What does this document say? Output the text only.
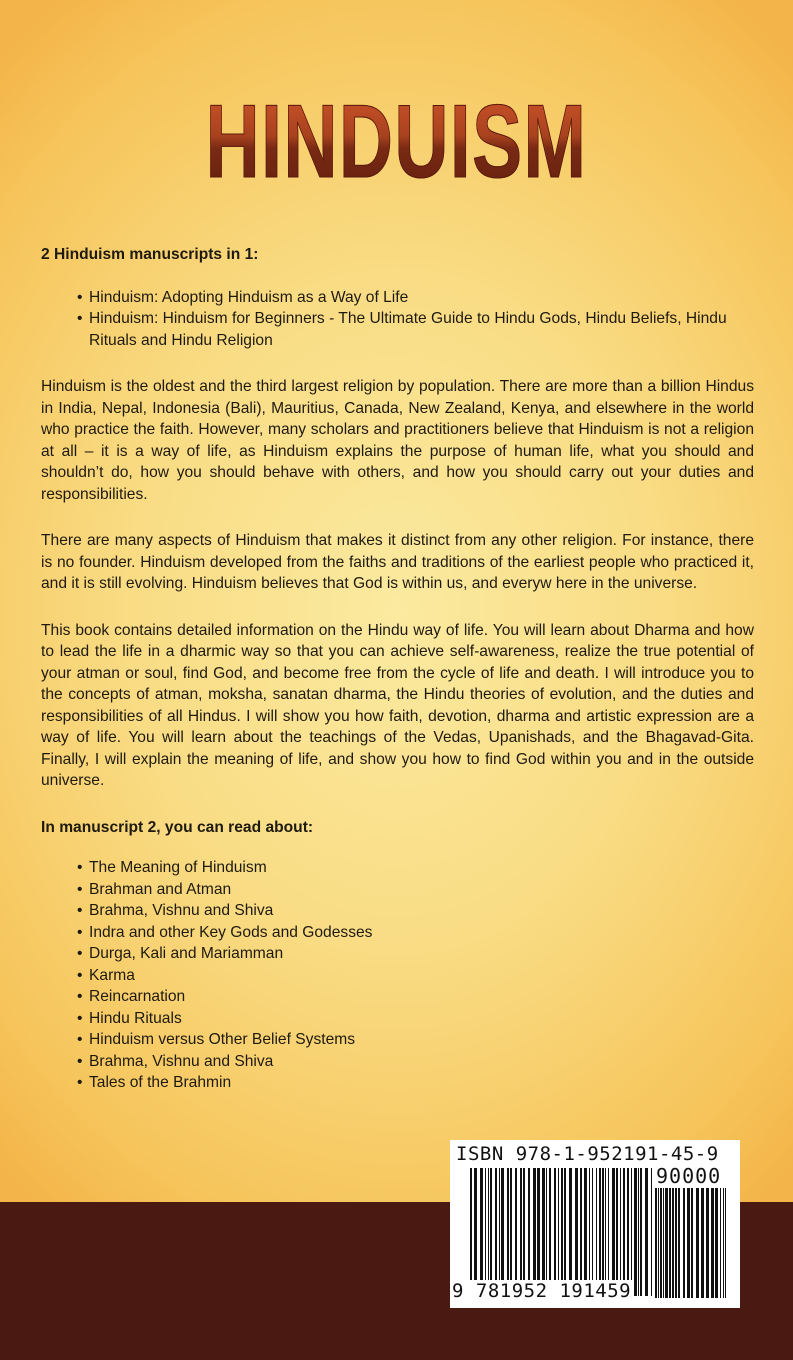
HINDUISM

2 Hinduism manuscripts in 1:

• Hinduism: Adopting Hinduism as a Way of Life
• Hinduism: Hinduism for Beginners - The Ultimate Guide to Hindu Gods, Hindu Beliefs, Hindu Rituals and Hindu Religion

Hinduism is the oldest and the third largest religion by population. There are more than a billion Hindus in India, Nepal, Indonesia (Bali), Mauritius, Canada, New Zealand, Kenya, and elsewhere in the world who practice the faith. However, many scholars and practitioners believe that Hinduism is not a religion at all – it is a way of life, as Hinduism explains the purpose of human life, what you should and shouldn’t do, how you should behave with others, and how you should carry out your duties and responsibilities.

There are many aspects of Hinduism that makes it distinct from any other religion. For instance, there is no founder. Hinduism developed from the faiths and traditions of the earliest people who practiced it, and it is still evolving. Hinduism believes that God is within us, and everyw here in the universe.

This book contains detailed information on the Hindu way of life. You will learn about Dharma and how to lead the life in a dharmic way so that you can achieve self-awareness, realize the true potential of your atman or soul, find God, and become free from the cycle of life and death. I will introduce you to the concepts of atman, moksha, sanatan dharma, the Hindu theories of evolution, and the duties and responsibilities of all Hindus. I will show you how faith, devotion, dharma and artistic expression are a way of life. You will learn about the teachings of the Vedas, Upanishads, and the Bhagavad-Gita. Finally, I will explain the meaning of life, and show you how to find God within you and in the outside universe.

In manuscript 2, you can read about:

• The Meaning of Hinduism
• Brahman and Atman
• Brahma, Vishnu and Shiva
• Indra and other Key Gods and Godesses
• Durga, Kali and Mariamman
• Karma
• Reincarnation
• Hindu Rituals
• Hinduism versus Other Belief Systems
• Brahma, Vishnu and Shiva
• Tales of the Brahmin
ISBN 978-1-952191-45-9
90000
9 781952 191459
